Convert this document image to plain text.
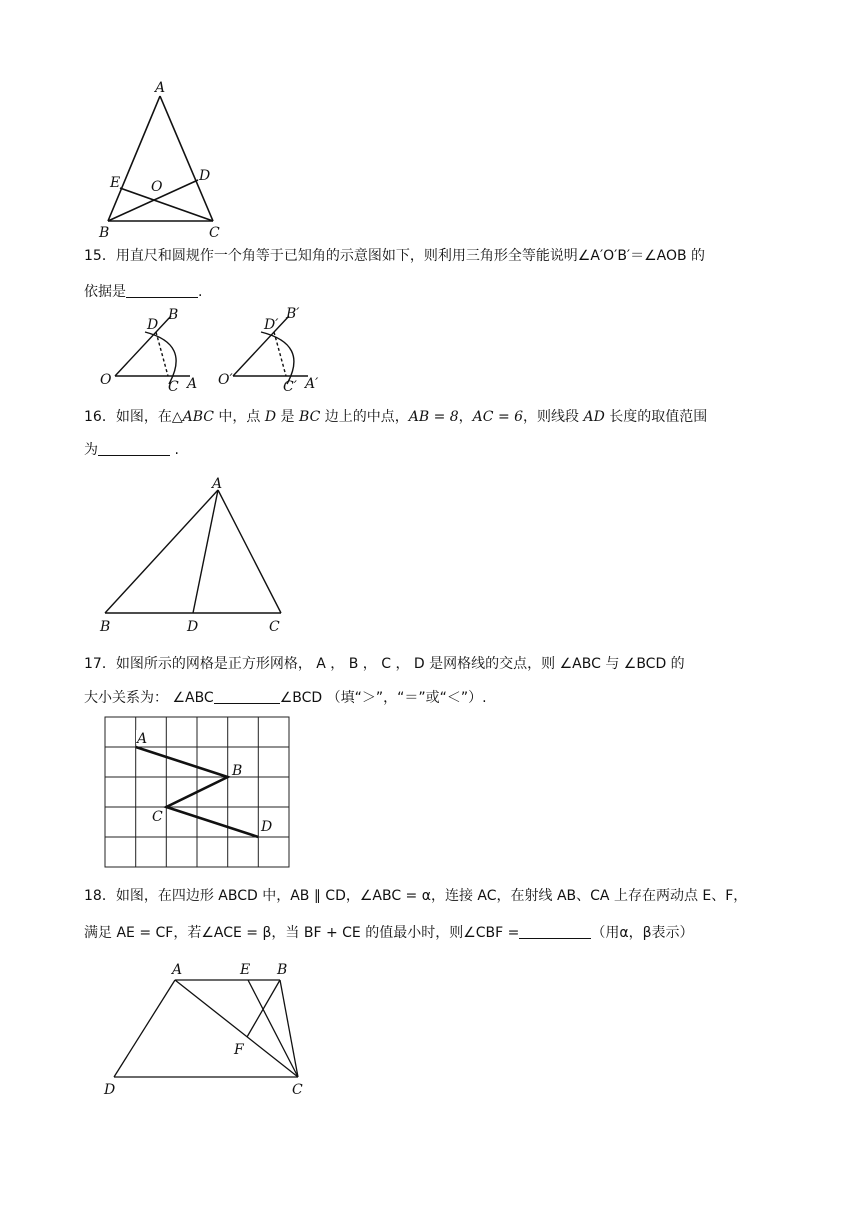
A
B	C
D
E O
15．用直尺和圆规作一个角等于已知角的示意图如下，则利用三角形全等能说明∠A′O′B′＝∠AOB 的
依据是	.
O	C A
D
B
O′	C′ A′
D′
B′
16．如图，在△ABC 中，点 D 是 BC 边上的中点，AB = 8，AC = 6，则线段 AD 长度的取值范围
为	.
A
B	D	C
17．如图所示的网格是正方形网格， A ， B ， C ， D 是网格线的交点，则 ∠ABC 与 ∠BCD 的
大小关系为： ∠ABC	∠BCD （填“＞”，“＝”或“＜”）.
A
B
C
D
18．如图，在四边形 ABCD 中，AB ∥ CD，∠ABC = α，连接 AC，在射线 AB、CA 上存在两动点 E、F，
满足 AE = CF，若∠ACE = β，当 BF + CE 的值最小时，则∠CBF =	（用α，β表示）
A	E B
F
D	C
